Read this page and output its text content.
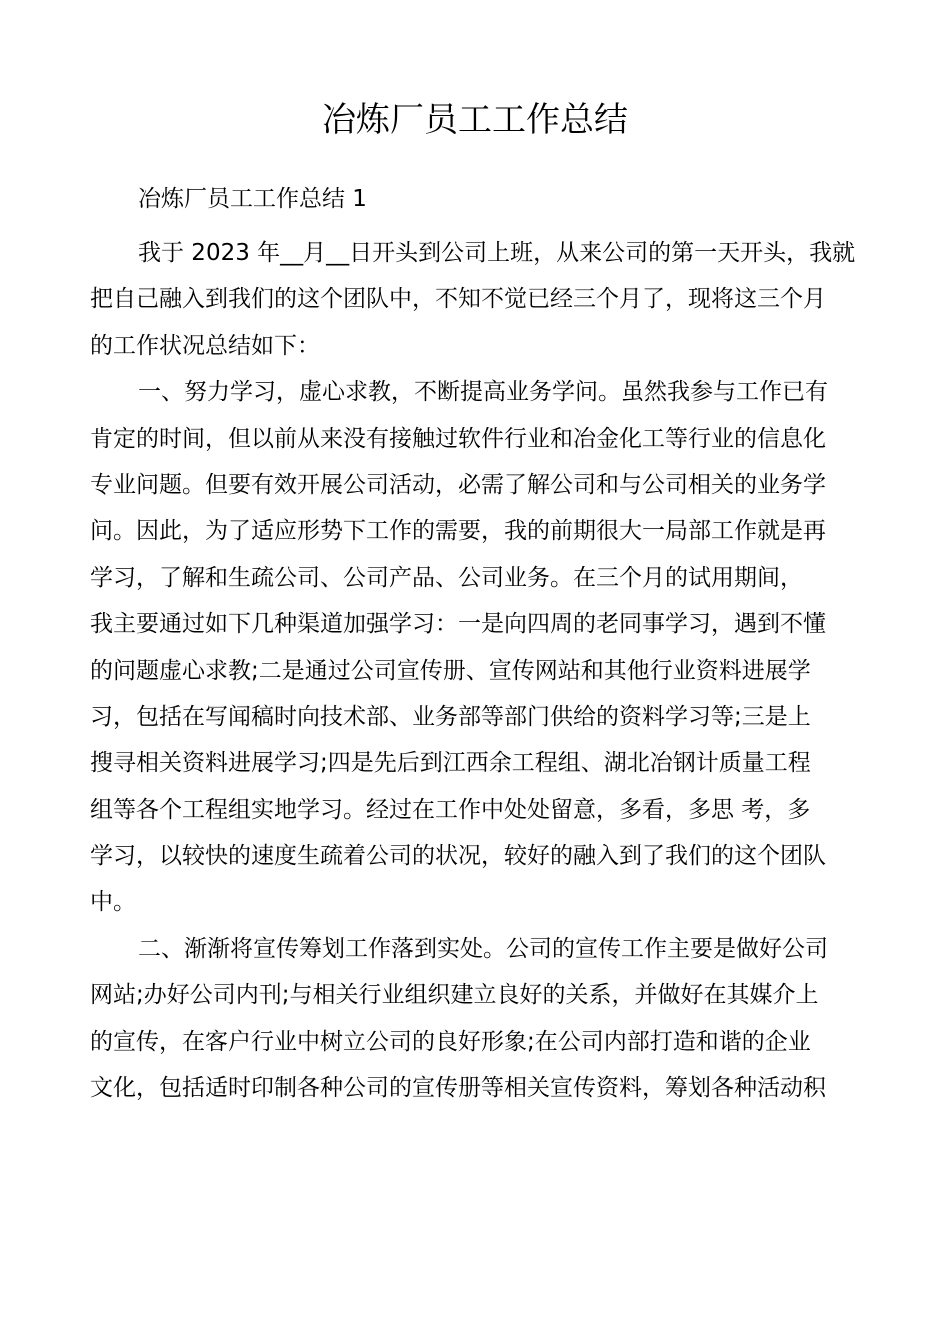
冶炼厂员工工作总结

冶炼厂员工工作总结 1

我于 2023 年__月__日开头到公司上班，从来公司的第一天开头，我就
把自己融入到我们的这个团队中，不知不觉已经三个月了，现将这三个月
的工作状况总结如下：
一、努力学习，虚心求教，不断提高业务学问。虽然我参与工作已有
肯定的时间，但以前从来没有接触过软件行业和冶金化工等行业的信息化
专业问题。但要有效开展公司活动，必需了解公司和与公司相关的业务学
问。因此，为了适应形势下工作的需要，我的前期很大一局部工作就是再
学习，了解和生疏公司、公司产品、公司业务。在三个月的试用期间，
我主要通过如下几种渠道加强学习：一是向四周的老同事学习，遇到不懂
的问题虚心求教;二是通过公司宣传册、宣传网站和其他行业资料进展学
习，包括在写闻稿时向技术部、业务部等部门供给的资料学习等;三是上
搜寻相关资料进展学习;四是先后到江西余工程组、湖北冶钢计质量工程
组等各个工程组实地学习。经过在工作中处处留意，多看，多思 考，多
学习，以较快的速度生疏着公司的状况，较好的融入到了我们的这个团队
中。
二、渐渐将宣传筹划工作落到实处。公司的宣传工作主要是做好公司
网站;办好公司内刊;与相关行业组织建立良好的关系，并做好在其媒介上
的宣传，在客户行业中树立公司的良好形象;在公司内部打造和谐的企业
文化，包括适时印制各种公司的宣传册等相关宣传资料，筹划各种活动积
